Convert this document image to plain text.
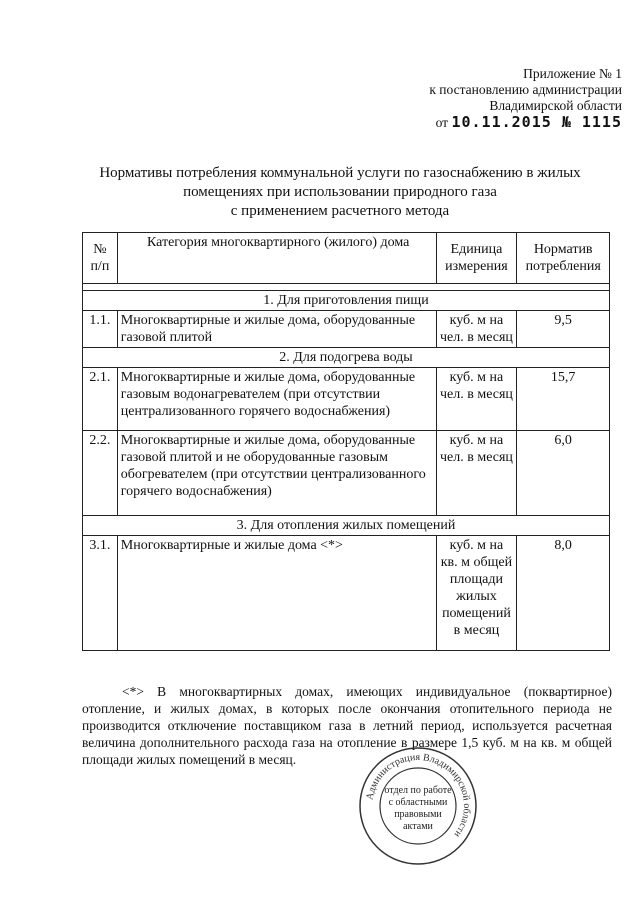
Приложение № 1
к постановлению администрации
Владимирской области
от 10.11.2015 № 1115
Нормативы потребления коммунальной услуги по газоснабжению в жилых
помещениях при использовании природного газа
с применением расчетного метода
№ п/п	Категория многоквартирного (жилого) дома	Единица измерения	Норматив потребления

1. Для приготовления пищи			
1.1.	Многоквартирные и жилые дома, оборудованные газовой плитой	куб. м на чел. в месяц	9,5
2. Для подогрева воды			
2.1.	Многоквартирные и жилые дома, оборудованные газовым водонагревателем (при отсутствии централизованного горячего водоснабжения)	куб. м на чел. в месяц	15,7
2.2.	Многоквартирные и жилые дома, оборудованные газовой плитой и не оборудованные газовым обогревателем (при отсутствии централизованного горячего водоснабжения)	куб. м на чел. в месяц	6,0
3. Для отопления жилых помещений			
3.1.	Многоквартирные и жилые дома <*>	куб. м на кв. м общей площади жилых помещений в месяц	8,0
<*> В многоквартирных домах, имеющих индивидуальное (поквартирное) отопление, и жилых домах, в которых после окончания отопительного периода не производится отключение поставщиком газа в летний период, используется расчетная величина дополнительного расхода газа на отопление в размере 1,5 куб. м на кв. м общей площади жилых помещений в месяц.
Администрация Владимирской области
отдел по работе
с областными
правовыми
актами
